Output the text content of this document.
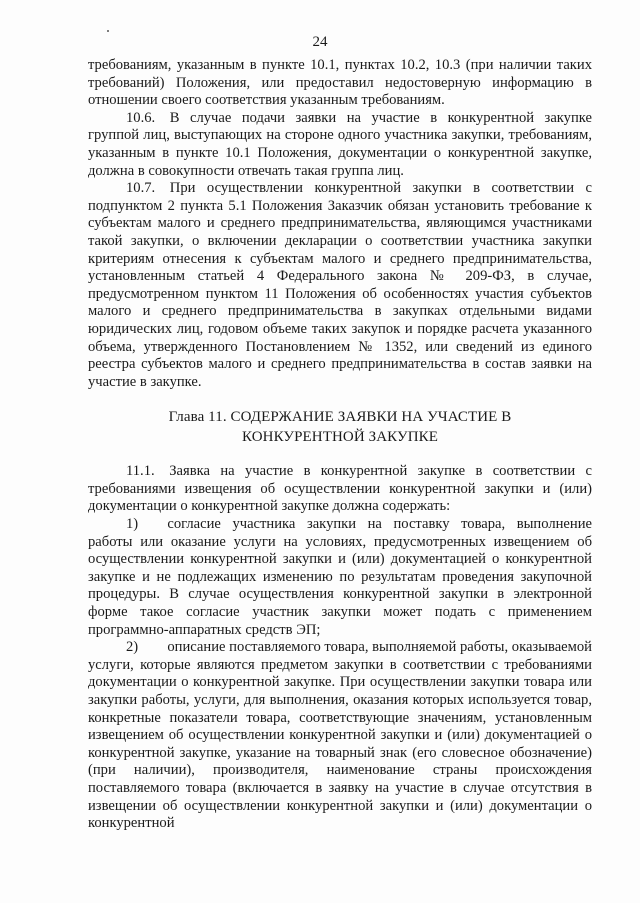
24

требованиям, указанным в пункте 10.1, пунктах 10.2, 10.3 (при наличии таких требований) Положения, или предоставил недостоверную информацию в отношении своего соответствия указанным требованиям.

10.6. В случае подачи заявки на участие в конкурентной закупке группой лиц, выступающих на стороне одного участника закупки, требованиям, указанным в пункте 10.1 Положения, документации о конкурентной закупке, должна в совокупности отвечать такая группа лиц.

10.7. При осуществлении конкурентной закупки в соответствии с подпунктом 2 пункта 5.1 Положения Заказчик обязан установить требование к субъектам малого и среднего предпринимательства, являющимся участниками такой закупки, о включении декларации о соответствии участника закупки критериям отнесения к субъектам малого и среднего предпринимательства, установленным статьей 4 Федерального закона № 209-ФЗ, в случае, предусмотренном пунктом 11 Положения об особенностях участия субъектов малого и среднего предпринимательства в закупках отдельными видами юридических лиц, годовом объеме таких закупок и порядке расчета указанного объема, утвержденного Постановлением № 1352, или сведений из единого реестра субъектов малого и среднего предпринимательства в состав заявки на участие в закупке.

Глава 11. СОДЕРЖАНИЕ ЗАЯВКИ НА УЧАСТИЕ В
КОНКУРЕНТНОЙ ЗАКУПКЕ

11.1. Заявка на участие в конкурентной закупке в соответствии с требованиями извещения об осуществлении конкурентной закупки и (или) документации о конкурентной закупке должна содержать:

1)  согласие участника закупки на поставку товара, выполнение работы или оказание услуги на условиях, предусмотренных извещением об осуществлении конкурентной закупки и (или) документацией о конкурентной закупке и не подлежащих изменению по результатам проведения закупочной процедуры. В случае осуществления конкурентной закупки в электронной форме такое согласие участник закупки может подать с применением программно-аппаратных средств ЭП;

2)  описание поставляемого товара, выполняемой работы, оказываемой услуги, которые являются предметом закупки в соответствии с требованиями документации о конкурентной закупке. При осуществлении закупки товара или закупки работы, услуги, для выполнения, оказания которых используется товар, конкретные показатели товара, соответствующие значениям, установленным извещением об осуществлении конкурентной закупки и (или) документацией о конкурентной закупке, указание на товарный знак (его словесное обозначение) (при наличии), производителя, наименование страны происхождения поставляемого товара (включается в заявку на участие в случае отсутствия в извещении об осуществлении конкурентной закупки и (или) документации о конкурентной
